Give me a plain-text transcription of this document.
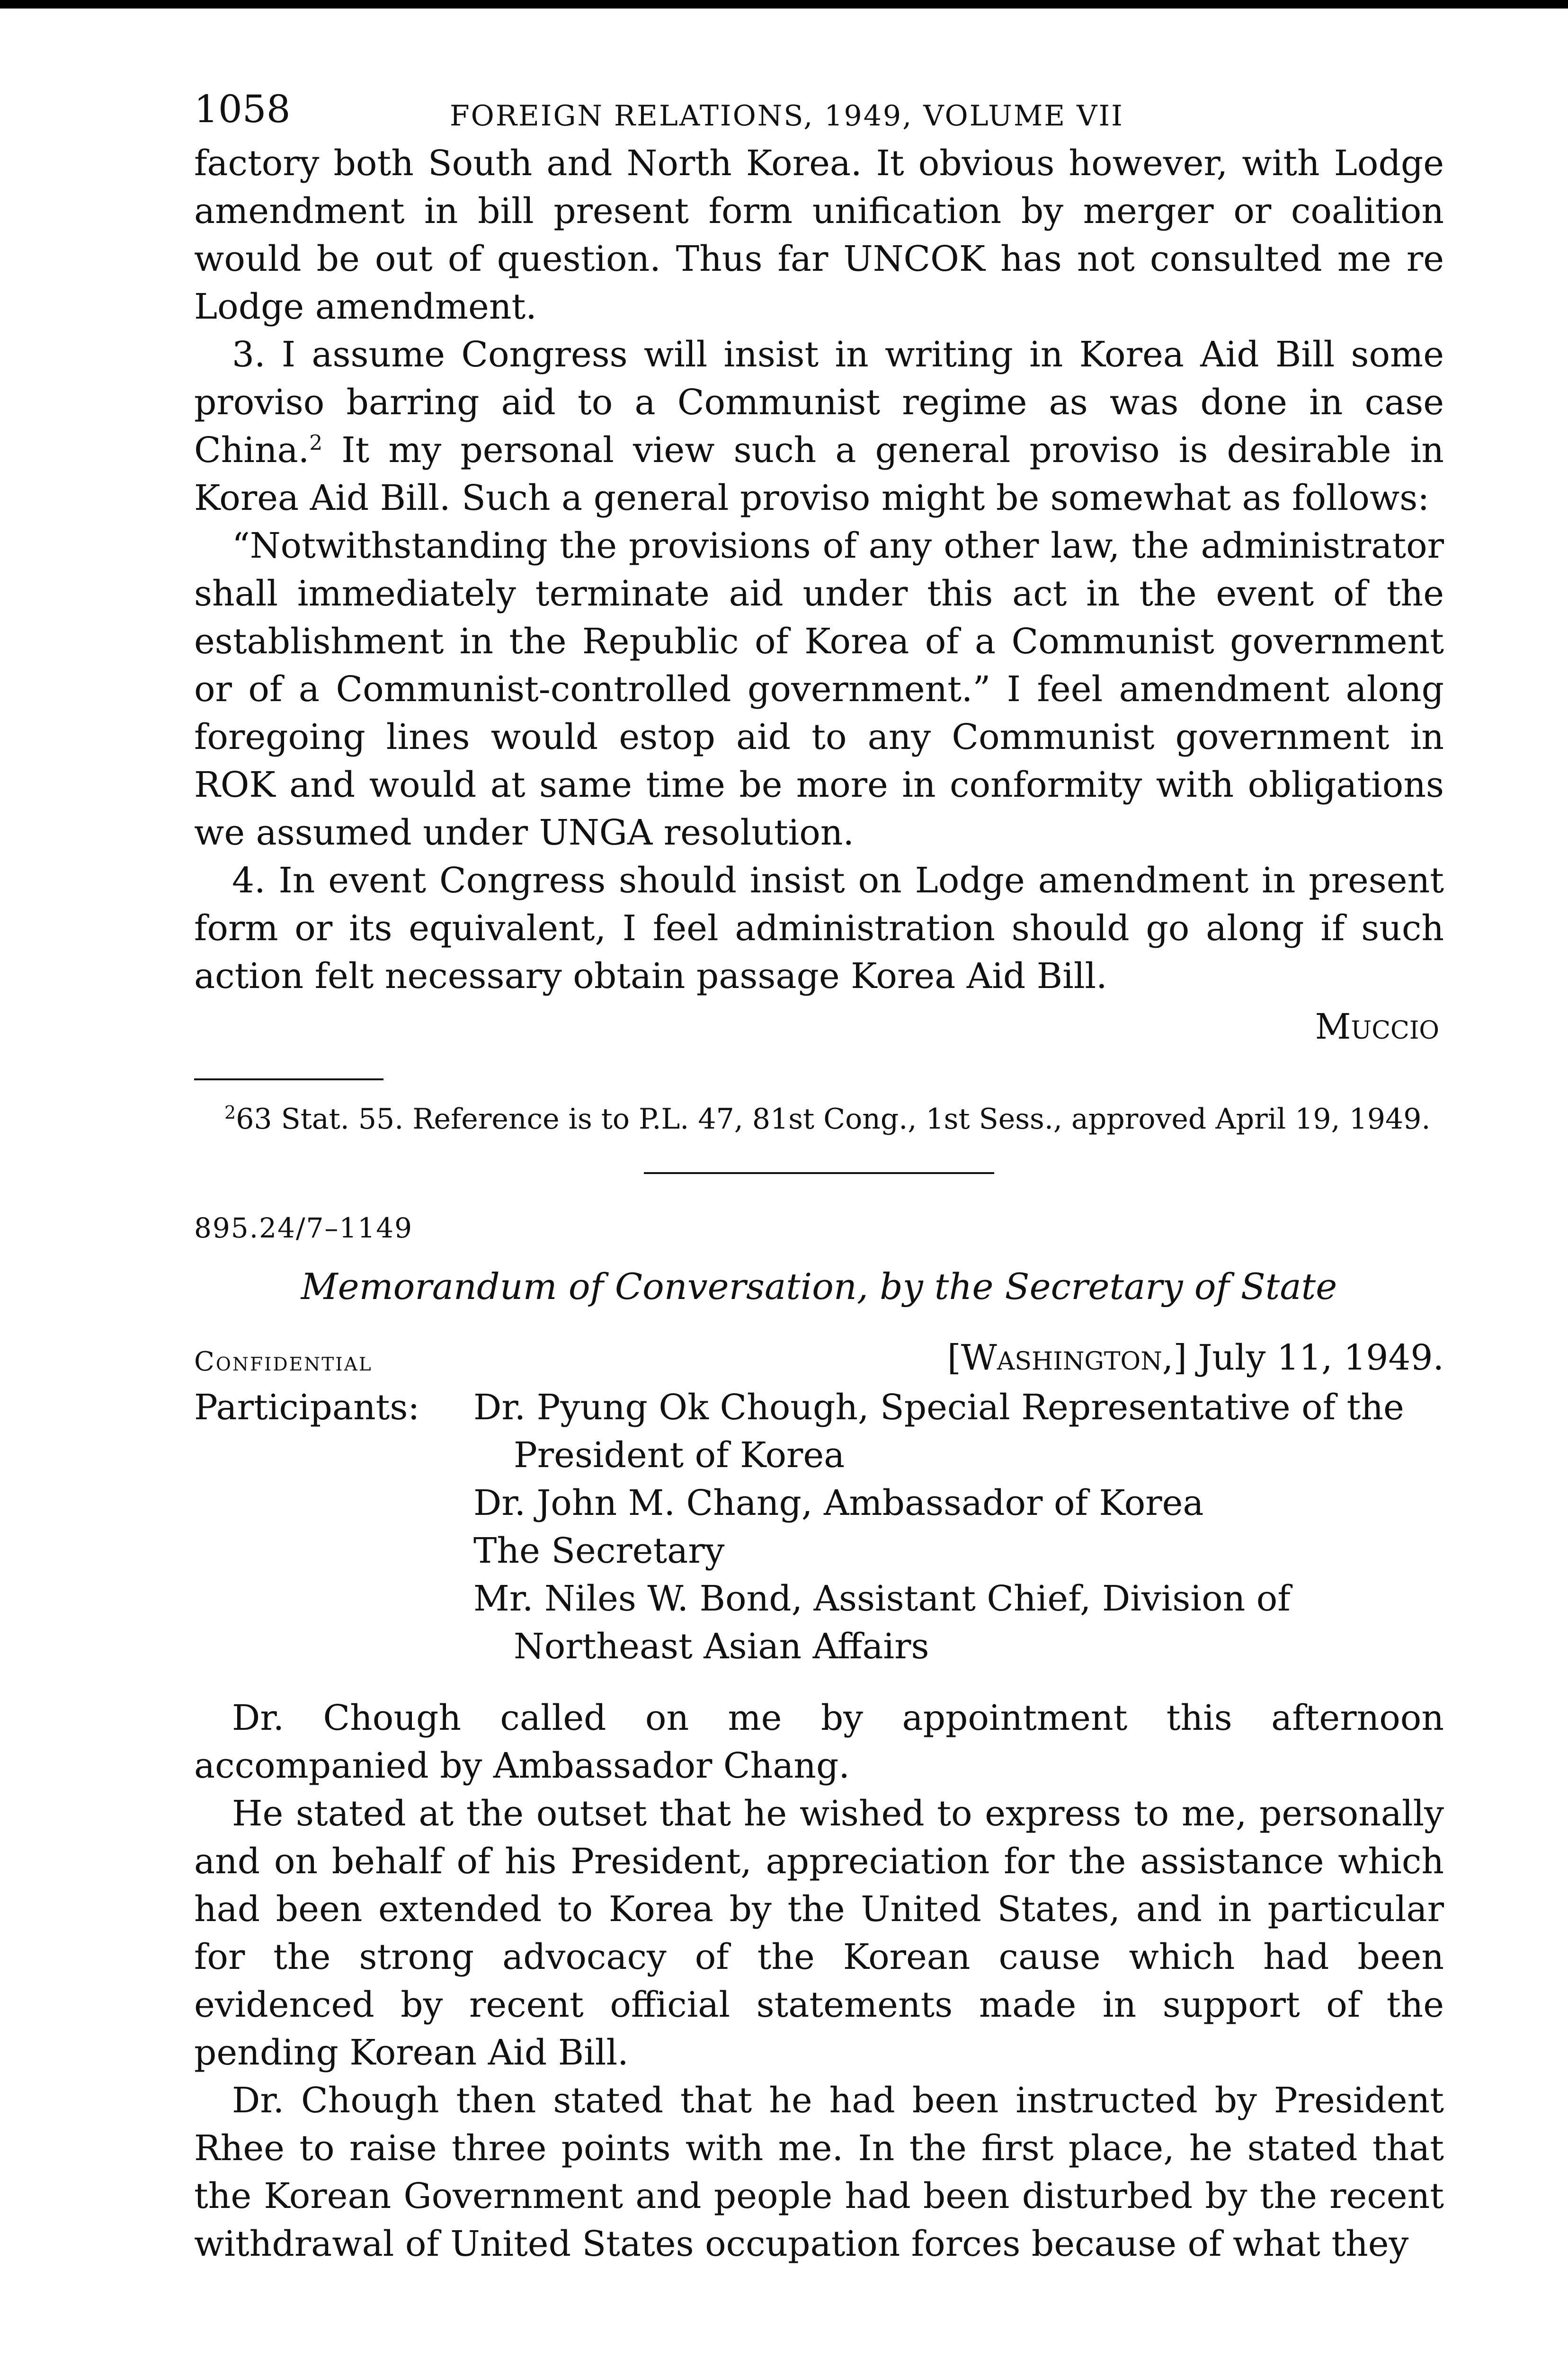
1058	FOREIGN RELATIONS, 1949, VOLUME VII

factory both South and North Korea. It obvious however, with Lodge amendment in bill present form unification by merger or coalition would be out of question. Thus far UNCOK has not consulted me re Lodge amendment.

3. I assume Congress will insist in writing in Korea Aid Bill some proviso barring aid to a Communist regime as was done in case China.$^2$ It my personal view such a general proviso is desirable in Korea Aid Bill. Such a general proviso might be somewhat as follows:

“Notwithstanding the provisions of any other law, the administrator shall immediately terminate aid under this act in the event of the establishment in the Republic of Korea of a Communist government or of a Communist-controlled government.” I feel amendment along foregoing lines would estop aid to any Communist government in ROK and would at same time be more in conformity with obligations we assumed under UNGA resolution.

4. In event Congress should insist on Lodge amendment in present form or its equivalent, I feel administration should go along if such action felt necessary obtain passage Korea Aid Bill.

Muccio

$^2$63 Stat. 55. Reference is to P.L. 47, 81st Cong., 1st Sess., approved April 19, 1949.

895.24/7–1149

Memorandum of Conversation, by the Secretary of State

Confidential	[Washington,] July 11, 1949.
Participants:	Dr. Pyung Ok Chough, Special Representative of the President of Korea

Dr. John M. Chang, Ambassador of Korea

The Secretary

Mr. Niles W. Bond, Assistant Chief, Division of Northeast Asian Affairs

Dr. Chough called on me by appointment this afternoon accompanied by Ambassador Chang.

He stated at the outset that he wished to express to me, personally and on behalf of his President, appreciation for the assistance which had been extended to Korea by the United States, and in particular for the strong advocacy of the Korean cause which had been evidenced by recent official statements made in support of the pending Korean Aid Bill.

Dr. Chough then stated that he had been instructed by President Rhee to raise three points with me. In the first place, he stated that the Korean Government and people had been disturbed by the recent withdrawal of United States occupation forces because of what they
